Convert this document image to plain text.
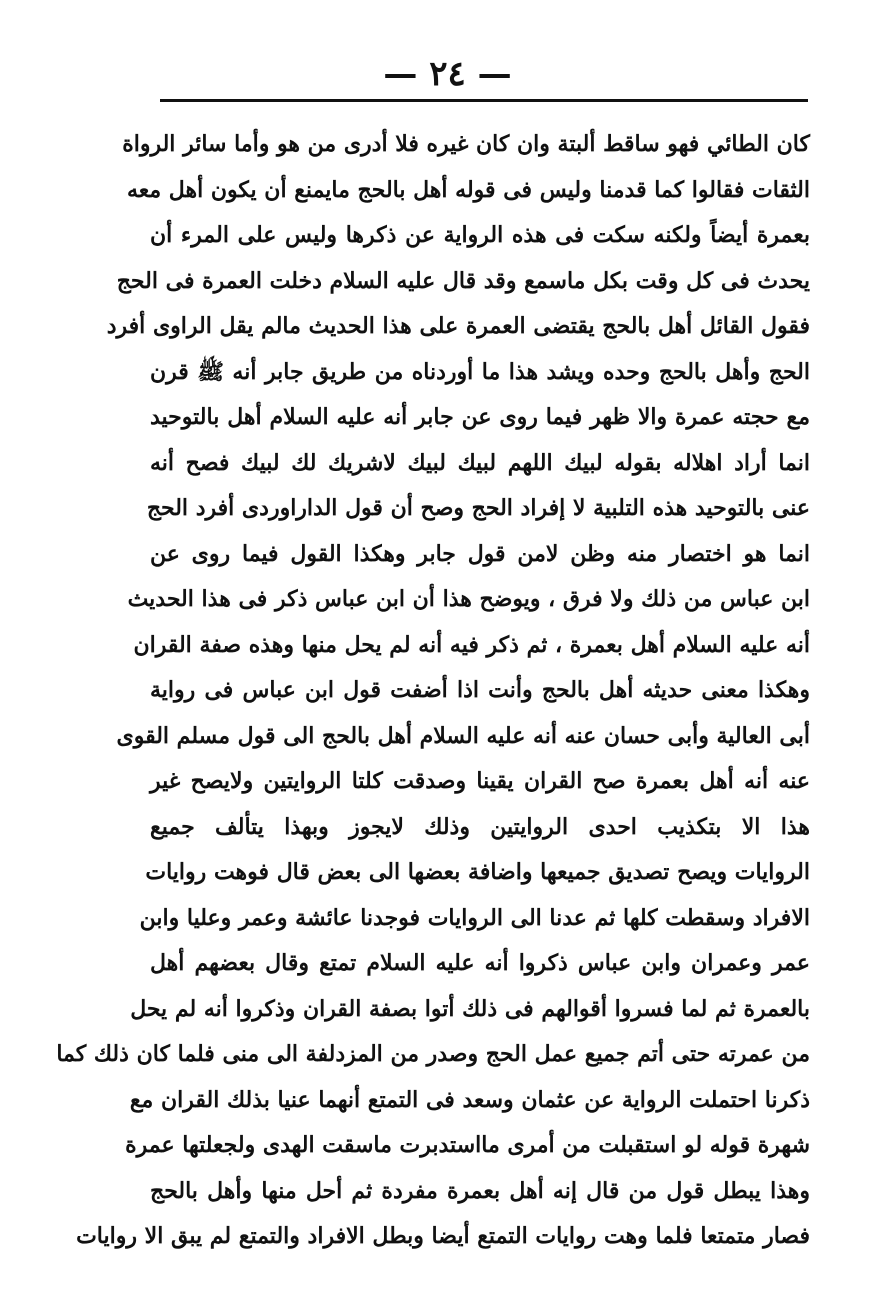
— ٢٤ —
كان الطائي فهو ساقط ألبتة وان كان غيره فلا أدرى من هو وأما سائر الرواة
الثقات فقالوا كما قدمنا وليس فى قوله أهل بالحج مايمنع أن يكون أهل معه
بعمرة أيضاً ولكنه سكت فى هذه الرواية عن ذكرها وليس على المرء أن
يحدث فى كل وقت بكل ماسمع وقد قال عليه السلام دخلت العمرة فى الحج
فقول القائل أهل بالحج يقتضى العمرة على هذا الحديث مالم يقل الراوى أفرد
الحج وأهل بالحج وحده ويشد هذا ما أوردناه من طريق جابر أنه ﷺ قرن
مع حجته عمرة والا ظهر فيما روى عن جابر أنه عليه السلام أهل بالتوحيد
انما أراد اهلاله بقوله لبيك اللهم لبيك لبيك لاشريك لك لبيك فصح أنه
عنى بالتوحيد هذه التلبية لا إفراد الحج وصح أن قول الداراوردى أفرد الحج
انما هو اختصار منه وظن لامن قول جابر وهكذا القول فيما روى عن
ابن عباس من ذلك ولا فرق ، ويوضح هذا أن ابن عباس ذكر فى هذا الحديث
أنه عليه السلام أهل بعمرة ، ثم ذكر فيه أنه لم يحل منها وهذه صفة القران
وهكذا معنى حديثه أهل بالحج وأنت اذا أضفت قول ابن عباس فى رواية
أبى العالية وأبى حسان عنه أنه عليه السلام أهل بالحج الى قول مسلم القوى
عنه أنه أهل بعمرة صح القران يقينا وصدقت كلتا الروايتين ولايصح غير
هذا الا بتكذيب احدى الروايتين وذلك لايجوز وبهذا يتألف جميع
الروايات ويصح تصديق جميعها واضافة بعضها الى بعض قال فوهت روايات
الافراد وسقطت كلها ثم عدنا الى الروايات فوجدنا عائشة وعمر وعليا وابن
عمر وعمران وابن عباس ذكروا أنه عليه السلام تمتع وقال بعضهم أهل
بالعمرة ثم لما فسروا أقوالهم فى ذلك أتوا بصفة القران وذكروا أنه لم يحل
من عمرته حتى أتم جميع عمل الحج وصدر من المزدلفة الى منى فلما كان ذلك كما
ذكرنا احتملت الرواية عن عثمان وسعد فى التمتع أنهما عنيا بذلك القران مع
شهرة قوله لو استقبلت من أمرى مااستدبرت ماسقت الهدى ولجعلتها عمرة
وهذا يبطل قول من قال إنه أهل بعمرة مفردة ثم أحل منها وأهل بالحج
فصار متمتعا فلما وهت روايات التمتع أيضا وبطل الافراد والتمتع لم يبق الا روايات
